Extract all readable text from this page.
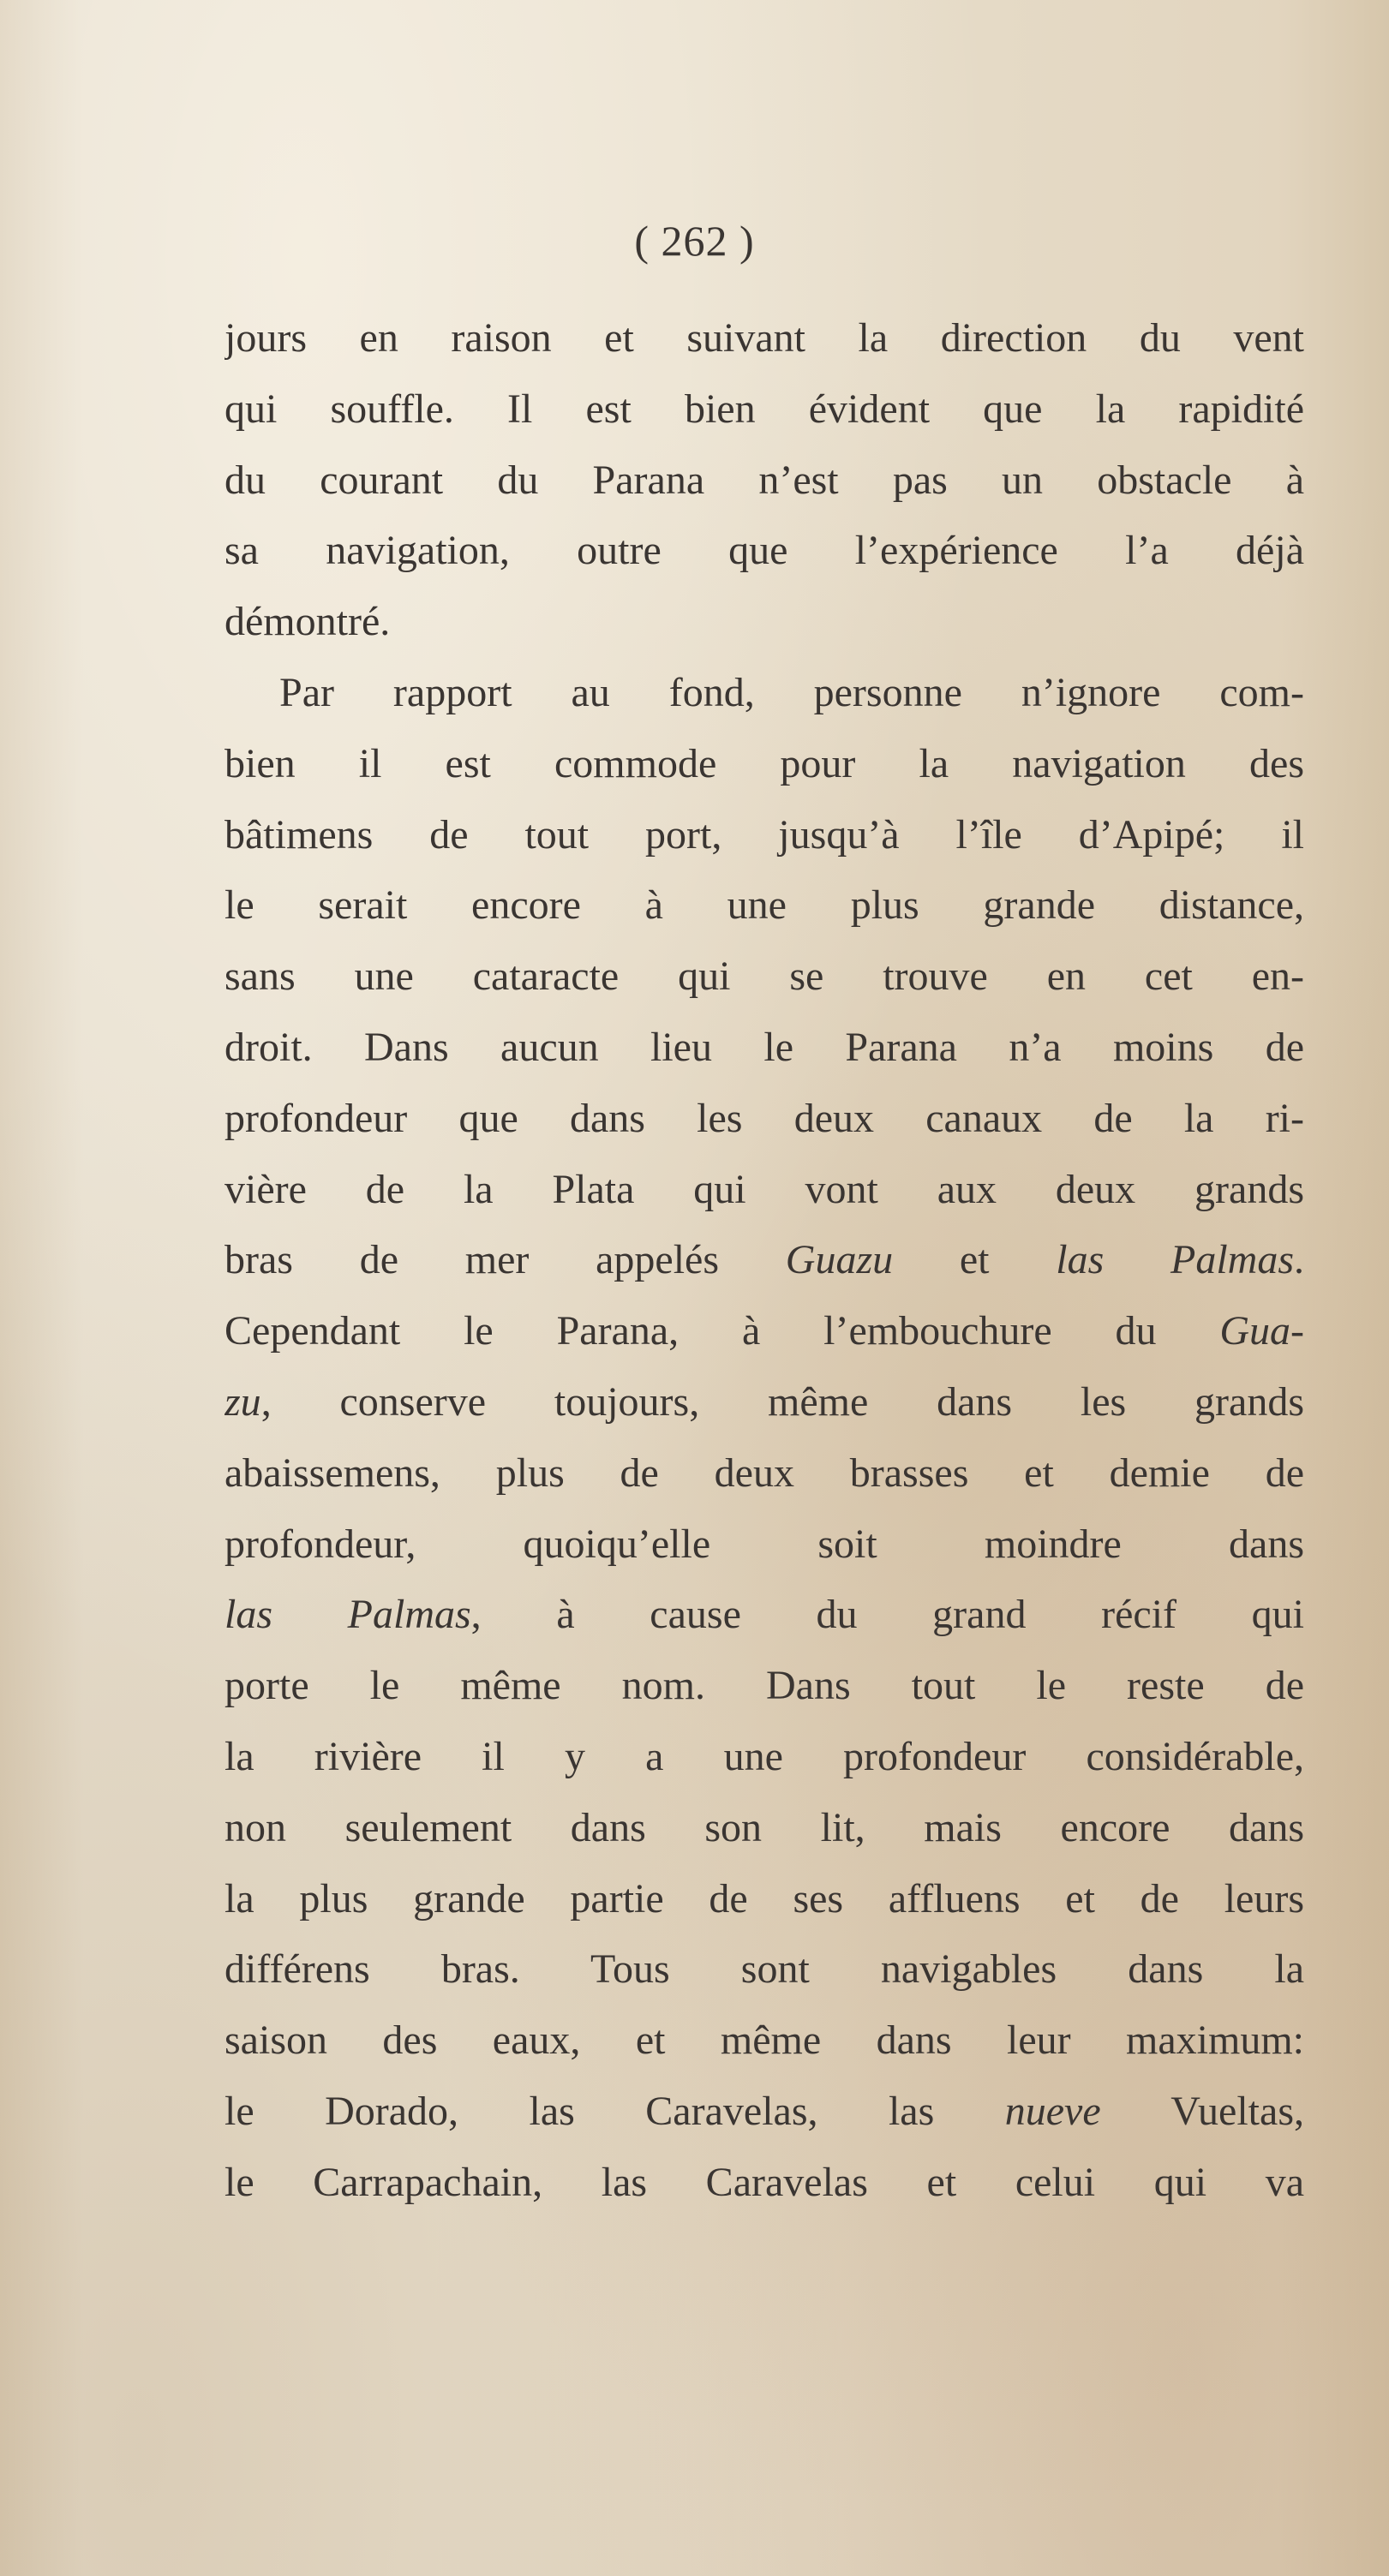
( 262 )
jours en raison et suivant la direction du vent
qui souffle. Il est bien évident que la rapidité
du courant du Parana n’est pas un obstacle à
sa navigation, outre que l’expérience l’a déjà
démontré.
Par rapport au fond, personne n’ignore com-
bien il est commode pour la navigation des
bâtimens de tout port, jusqu’à l’île d’Apipé; il
le serait encore à une plus grande distance,
sans une cataracte qui se trouve en cet en-
droit. Dans aucun lieu le Parana n’a moins de
profondeur que dans les deux canaux de la ri-
vière de la Plata qui vont aux deux grands
bras de mer appelés Guazu et las Palmas.
Cependant le Parana, à l’embouchure du Gua-
zu, conserve toujours, même dans les grands
abaissemens, plus de deux brasses et demie de
profondeur, quoiqu’elle soit moindre dans
las Palmas, à cause du grand récif qui
porte le même nom. Dans tout le reste de
la rivière il y a une profondeur considérable,
non seulement dans son lit, mais encore dans
la plus grande partie de ses affluens et de leurs
différens bras. Tous sont navigables dans la
saison des eaux, et même dans leur maximum:
le Dorado, las Caravelas, las nueve Vueltas,
le Carrapachain, las Caravelas et celui qui va
